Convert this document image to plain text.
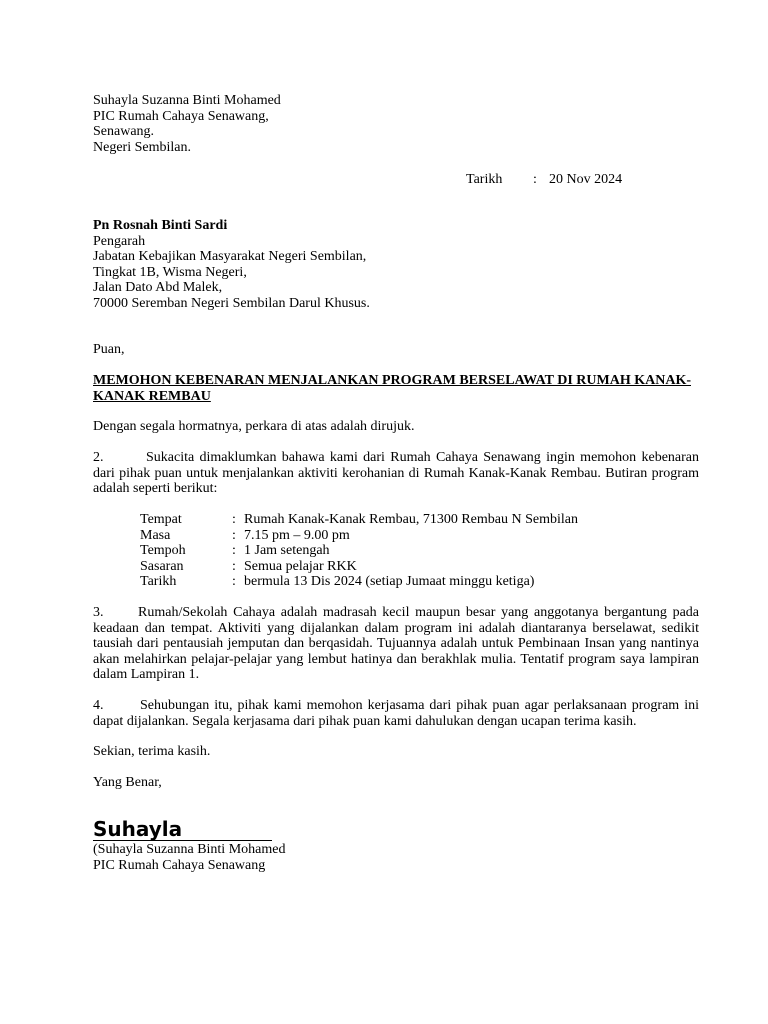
Suhayla Suzanna Binti Mohamed
PIC Rumah Cahaya Senawang,
Senawang.
Negeri Sembilan.
Tarikh : 20 Nov 2024
Pn Rosnah Binti Sardi
Pengarah
Jabatan Kebajikan Masyarakat Negeri Sembilan,
Tingkat 1B, Wisma Negeri,
Jalan Dato Abd Malek,
70000 Seremban Negeri Sembilan Darul Khusus.
Puan,
MEMOHON KEBENARAN MENJALANKAN PROGRAM BERSELAWAT DI RUMAH KANAK-KANAK REMBAU
Dengan segala hormatnya, perkara di atas adalah dirujuk.
2.	Sukacita dimaklumkan bahawa kami dari Rumah Cahaya Senawang ingin memohon kebenaran dari pihak puan untuk menjalankan aktiviti kerohanian di Rumah Kanak-Kanak Rembau. Butiran program adalah seperti berikut:
Tempat	: Rumah Kanak-Kanak Rembau, 71300 Rembau N Sembilan
Masa	: 7.15 pm – 9.00 pm
Tempoh	: 1 Jam setengah
Sasaran	: Semua pelajar RKK
Tarikh	: bermula 13 Dis 2024 (setiap Jumaat minggu ketiga)
3. Rumah/Sekolah Cahaya adalah madrasah kecil maupun besar yang anggotanya bergantung pada keadaan dan tempat. Aktiviti yang dijalankan dalam program ini adalah diantaranya berselawat, sedikit tausiah dari pentausiah jemputan dan berqasidah. Tujuannya adalah untuk Pembinaan Insan yang nantinya akan melahirkan pelajar-pelajar yang lembut hatinya dan berakhlak mulia. Tentatif program saya lampiran dalam Lampiran 1.
4.	Sehubungan itu, pihak kami memohon kerjasama dari pihak puan agar perlaksanaan program ini dapat dijalankan. Segala kerjasama dari pihak puan kami dahulukan dengan ucapan terima kasih.
Sekian, terima kasih.
Yang Benar,
Suhayla
(Suhayla Suzanna Binti Mohamed
PIC Rumah Cahaya Senawang
